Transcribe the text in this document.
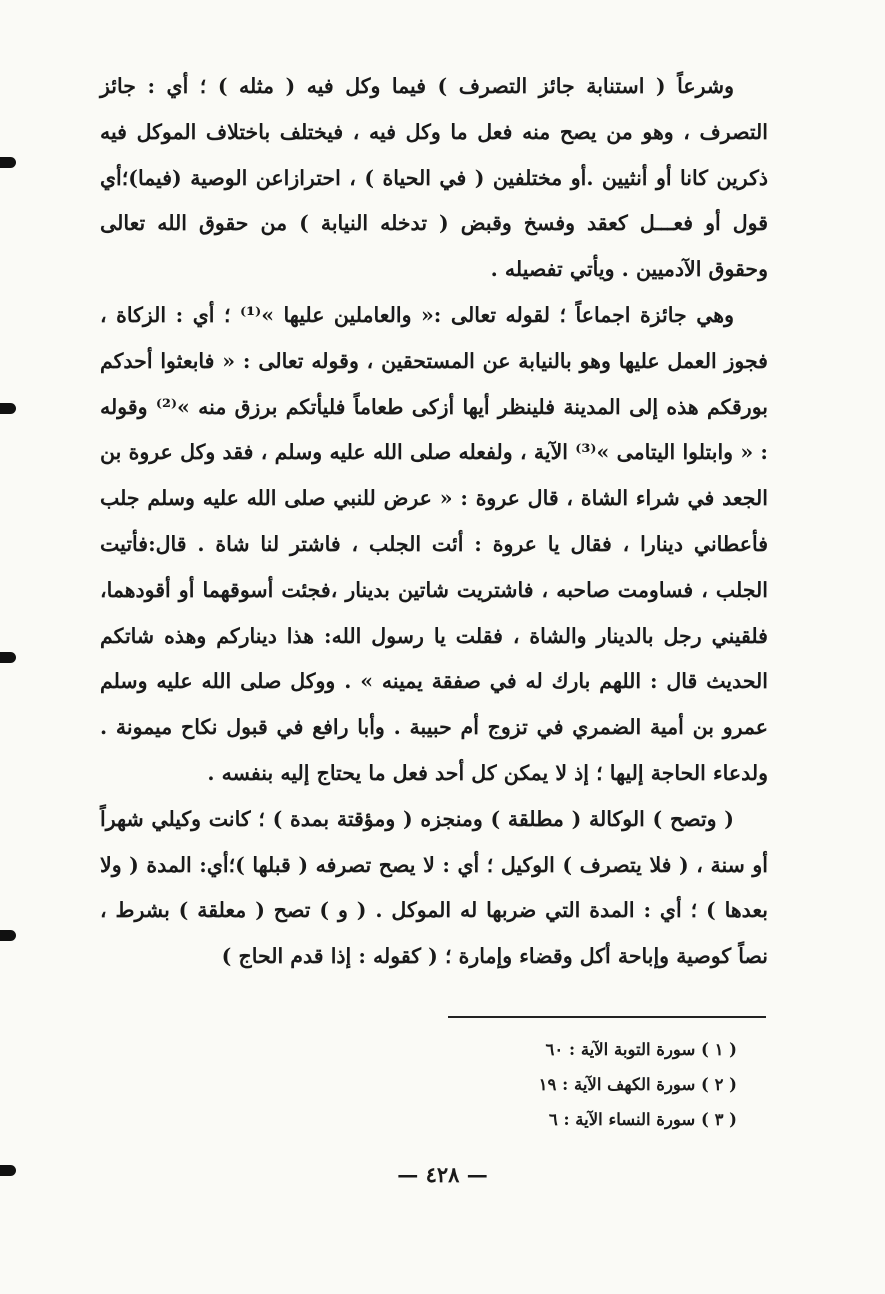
وشرعاً ( استنابة جائز التصرف ) فيما وكل فيه ( مثله ) ؛ أي : جائز التصرف ، وهو من يصح منه فعل ما وكل فيه ، فيختلف باختلاف الموكل فيه ذكرين كانا أو أنثيين .أو مختلفين ( في الحياة ) ، احترازاعن الوصية (فيما)؛أي قول أو فعـــل كعقد وفسخ وقبض ( تدخله النيابة ) من حقوق الله تعالى وحقوق الآدميين . ويأتي تفصيله .

وهي جائزة اجماعاً ؛ لقوله تعالى :« والعاملين عليها »⁽¹⁾ ؛ أي : الزكاة ، فجوز العمل عليها وهو بالنيابة عن المستحقين ، وقوله تعالى : « فابعثوا أحدكم بورقكم هذه إلى المدينة فلينظر أيها أزكى طعاماً فليأتكم برزق منه »⁽²⁾ وقوله : « وابتلوا اليتامى »⁽³⁾ الآية ، ولفعله صلى الله عليه وسلم ، فقد وكل عروة بن الجعد في شراء الشاة ، قال عروة : « عرض للنبي صلى الله عليه وسلم جلب فأعطاني دينارا ، فقال يا عروة : أئت الجلب ، فاشتر لنا شاة . قال:فأتيت الجلب ، فساومت صاحبه ، فاشتريت شاتين بدينار ،فجئت أسوقهما أو أقودهما، فلقيني رجل بالدينار والشاة ، فقلت يا رسول الله: هذا ديناركم وهذه شاتكم الحديث قال : اللهم بارك له في صفقة يمينه » . ووكل صلى الله عليه وسلم عمرو بن أمية الضمري في تزوج أم حبيبة . وأبا رافع في قبول نكاح ميمونة . ولدعاء الحاجة إليها ؛ إذ لا يمكن كل أحد فعل ما يحتاج إليه بنفسه .

( وتصح ) الوكالة ( مطلقة ) ومنجزه ( ومؤقتة بمدة ) ؛ كانت وكيلي شهراً أو سنة ، ( فلا يتصرف ) الوكيل ؛ أي : لا يصح تصرفه ( قبلها )؛أي: المدة ( ولا بعدها ) ؛ أي : المدة التي ضربها له الموكل . ( و ) تصح ( معلقة ) بشرط ، نصاً كوصية وإباحة أكل وقضاء وإمارة ؛ ( كقوله : إذا قدم الحاج )

( ١ ) سورة التوبة الآية : ٦٠
( ٢ ) سورة الكهف الآية : ١٩
( ٣ ) سورة النساء الآية : ٦
— ٤٢٨ —
